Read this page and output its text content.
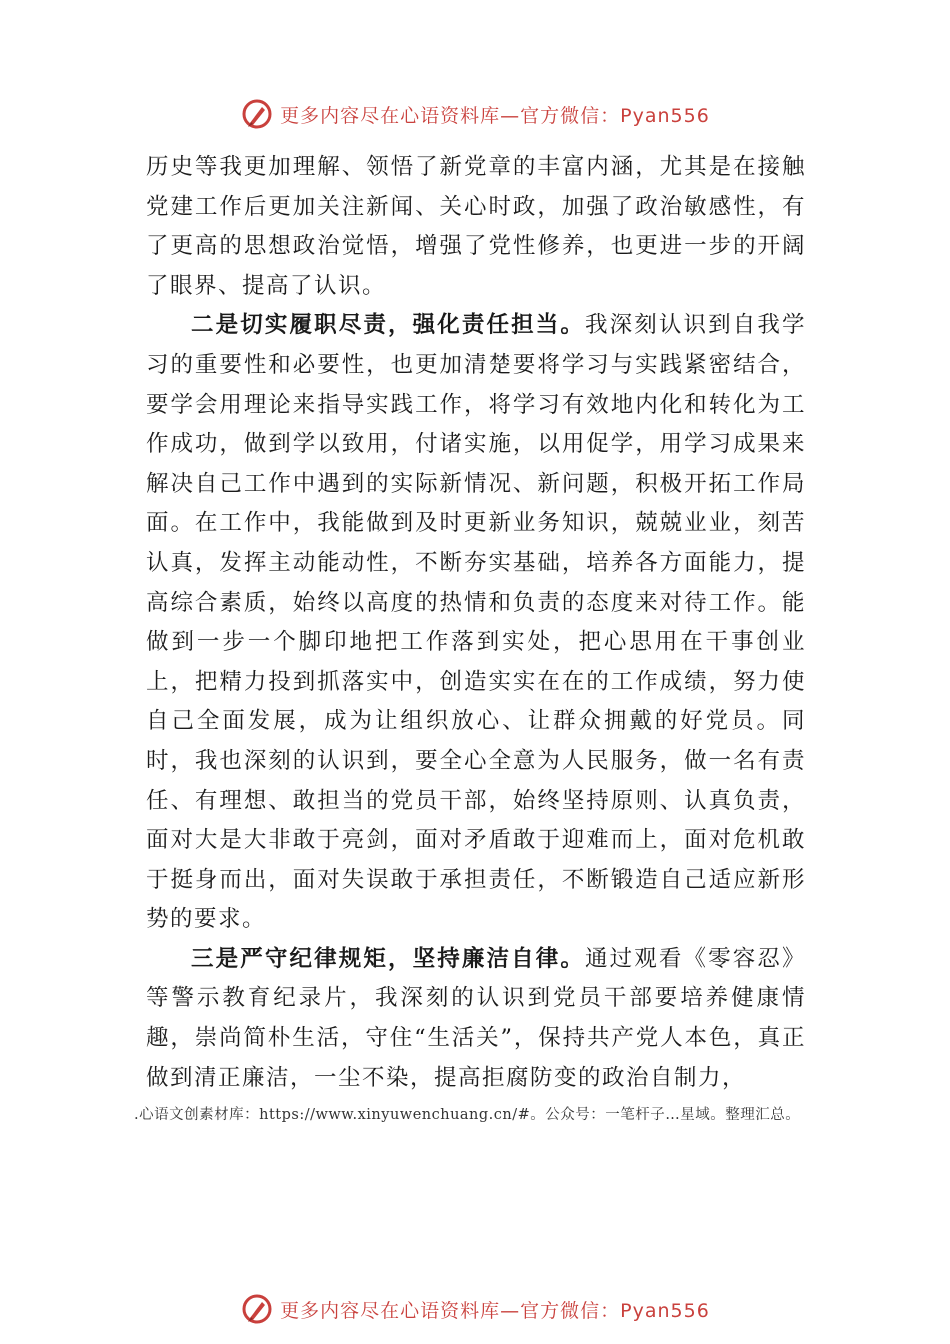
更多内容尽在心语资料库—官方微信：Pyan556

历史等我更加理解、领悟了新党章的丰富内涵，尤其是在接触党建工作后更加关注新闻、关心时政，加强了政治敏感性，有了更高的思想政治觉悟，增强了党性修养，也更进一步的开阔了眼界、提高了认识。

二是切实履职尽责，强化责任担当。我深刻认识到自我学习的重要性和必要性，也更加清楚要将学习与实践紧密结合，要学会用理论来指导实践工作，将学习有效地内化和转化为工作成功，做到学以致用，付诸实施，以用促学，用学习成果来解决自己工作中遇到的实际新情况、新问题，积极开拓工作局面。在工作中，我能做到及时更新业务知识，兢兢业业，刻苦认真，发挥主动能动性，不断夯实基础，培养各方面能力，提高综合素质，始终以高度的热情和负责的态度来对待工作。能做到一步一个脚印地把工作落到实处，把心思用在干事创业上，把精力投到抓落实中，创造实实在在的工作成绩，努力使自己全面发展，成为让组织放心、让群众拥戴的好党员。同时，我也深刻的认识到，要全心全意为人民服务，做一名有责任、有理想、敢担当的党员干部，始终坚持原则、认真负责，面对大是大非敢于亮剑，面对矛盾敢于迎难而上，面对危机敢于挺身而出，面对失误敢于承担责任，不断锻造自己适应新形势的要求。

三是严守纪律规矩，坚持廉洁自律。通过观看《零容忍》等警示教育纪录片，我深刻的认识到党员干部要培养健康情趣，崇尚简朴生活，守住“生活关”，保持共产党人本色，真正做到清正廉洁，一尘不染，提高拒腐防变的政治自制力，

.心语文创素材库：https://www.xinyuwenchuang.cn/#。公众号：一笔杆子…星域。整理汇总。
更多内容尽在心语资料库—官方微信：Pyan556
